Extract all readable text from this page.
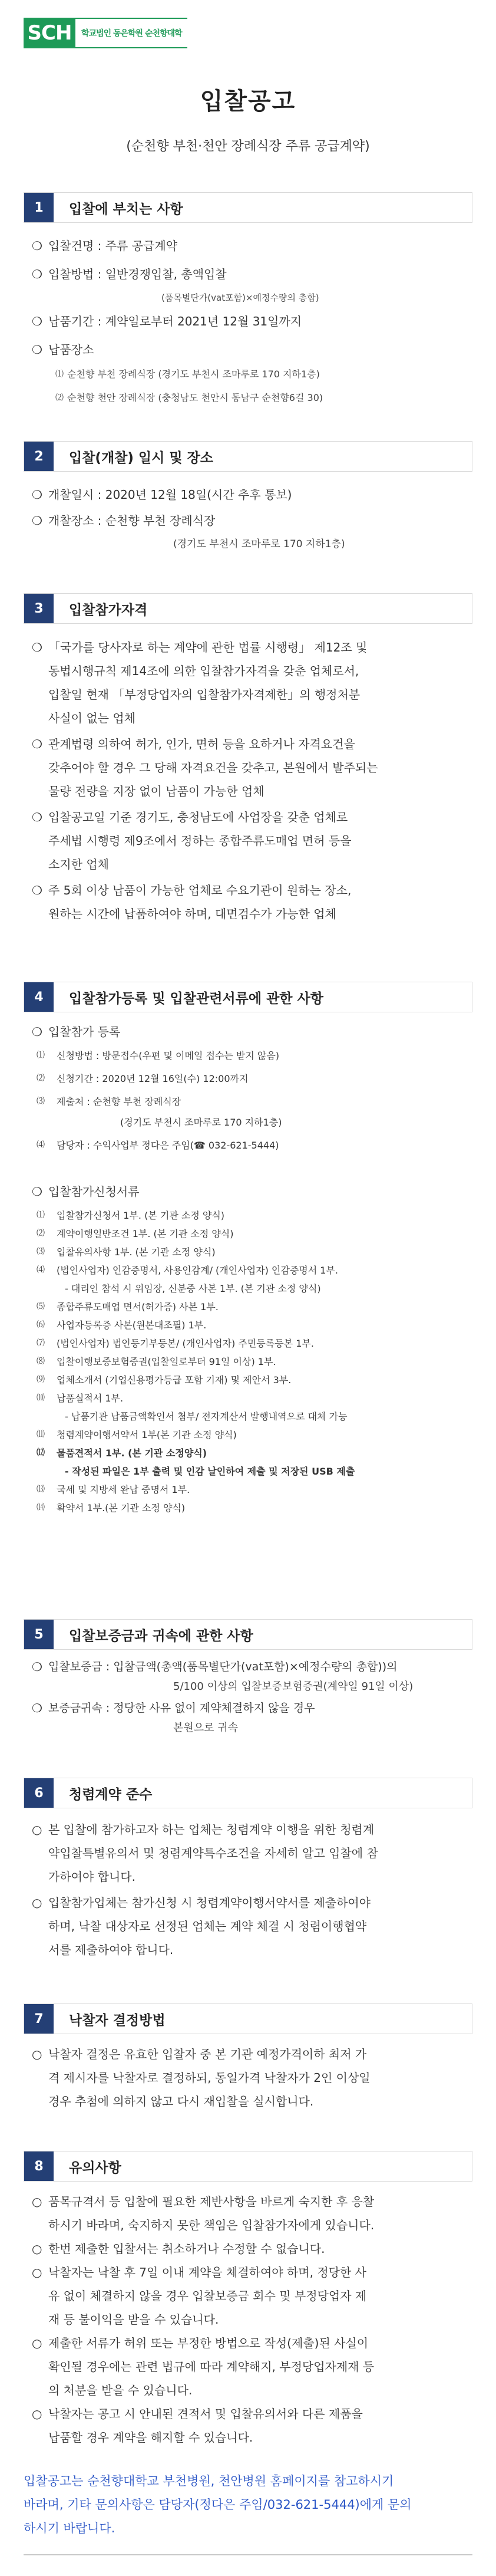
SCH	학교법인 동은학원 순천향대학
입찰공고
(순천향 부천·천안 장례식장 주류 공급계약)
1	입찰에 부치는 사항
❍ 입찰건명 : 주류 공급계약
❍ 입찰방법 : 일반경쟁입찰, 총액입찰
(품목별단가(vat포함)×예정수량의 총합)
❍ 납품기간 : 계약일로부터 2021년 12월 31일까지
❍ 납품장소
⑴ 순천향 부천 장례식장 (경기도 부천시 조마루로 170 지하1층)
⑵ 순천향 천안 장례식장 (충청남도 천안시 동남구 순천향6길 30)
2	입찰(개찰) 일시 및 장소
❍ 개찰일시 : 2020년 12월 18일(시간 추후 통보)
❍ 개찰장소 : 순천향 부천 장례식장
(경기도 부천시 조마루로 170 지하1층)
3	입찰참가자격
❍ 「국가를 당사자로 하는 계약에 관한 법률 시행령」 제12조 및
동법시행규칙 제14조에 의한 입찰참가자격을 갖춘 업체로서,
입찰일 현재 「부정당업자의 입찰참가자격제한」의 행정처분
사실이 없는 업체
❍ 관계법령 의하여 허가, 인가, 면허 등을 요하거나 자격요건을
갖추어야 할 경우 그 당해 자격요건을 갖추고, 본원에서 발주되는
물량 전량을 지장 없이 납품이 가능한 업체
❍ 입찰공고일 기준 경기도, 충청남도에 사업장을 갖춘 업체로
주세법 시행령 제9조에서 정하는 종합주류도매업 면허 등을
소지한 업체
❍ 주 5회 이상 납품이 가능한 업체로 수요기관이 원하는 장소,
원하는 시간에 납품하여야 하며, 대면검수가 가능한 업체
4	입찰참가등록 및 입찰관련서류에 관한 사항
❍ 입찰참가 등록
⑴ 신청방법 : 방문접수(우편 및 이메일 접수는 받지 않음)
⑵ 신청기간 : 2020년 12월 16일(수) 12:00까지
⑶ 제출처 : 순천향 부천 장례식장
(경기도 부천시 조마루로 170 지하1층)
⑷ 담당자 : 수익사업부 정다은 주임(☎ 032-621-5444)
❍ 입찰참가신청서류
⑴ 입찰참가신청서 1부. (본 기관 소정 양식)
⑵ 계약이행일반조건 1부. (본 기관 소정 양식)
⑶ 입찰유의사항 1부. (본 기관 소정 양식)
⑷ (법인사업자) 인감증명서, 사용인감계/ (개인사업자) 인감증명서 1부.
- 대리인 참석 시 위임장, 신분증 사본 1부. (본 기관 소정 양식)
⑸ 종합주류도매업 면서(허가증) 사본 1부.
⑹ 사업자등록증 사본(원본대조필) 1부.
⑺ (법인사업자) 법인등기부등본/ (개인사업자) 주민등록등본 1부.
⑻ 입찰이행보증보험증권(입찰일로부터 91일 이상) 1부.
⑼ 업체소개서 (기업신용평가등급 포함 기재) 및 제안서 3부.
⑽ 납품실적서 1부.
- 납품기관 납품금액확인서 첨부/ 전자계산서 발행내역으로 대체 가능
⑾ 청렴계약이행서약서 1부(본 기관 소정 양식)
⑿ 물품견적서 1부. (본 기관 소정양식)
- 작성된 파일은 1부 출력 및 인감 날인하여 제출 및 저장된 USB 제출
⒀ 국세 및 지방세 완납 증명서 1부.
⒁ 확약서 1부.(본 기관 소정 양식)
5	입찰보증금과 귀속에 관한 사항
❍ 입찰보증금 : 입찰금액(총액(품목별단가(vat포함)×예정수량의 총합))의
5/100 이상의 입찰보증보험증권(계약일 91일 이상)
❍ 보증금귀속 : 정당한 사유 없이 계약체결하지 않을 경우
본원으로 귀속
6	청렴계약 준수
○ 본 입찰에 참가하고자 하는 업체는 청렴계약 이행을 위한 청렴계
약입찰특별유의서 및 청렴계약특수조건을 자세히 알고 입찰에 참
가하여야 합니다.
○ 입찰참가업체는 참가신청 시 청렴계약이행서약서를 제출하여야
하며, 낙찰 대상자로 선정된 업체는 계약 체결 시 청렴이행협약
서를 제출하여야 합니다.
7	낙찰자 결정방법
○ 낙찰자 결정은 유효한 입찰자 중 본 기관 예정가격이하 최저 가
격 제시자를 낙찰자로 결정하되, 동일가격 낙찰자가 2인 이상일
경우 추첨에 의하지 않고 다시 재입찰을 실시합니다.
8	유의사항
○ 품목규격서 등 입찰에 필요한 제반사항을 바르게 숙지한 후 응찰
하시기 바라며, 숙지하지 못한 책임은 입찰참가자에게 있습니다.
○ 한번 제출한 입찰서는 취소하거나 수정할 수 없습니다.
○ 낙찰자는 낙찰 후 7일 이내 계약을 체결하여야 하며, 정당한 사
유 없이 체결하지 않을 경우 입찰보증금 회수 및 부정당업자 제
재 등 불이익을 받을 수 있습니다.
○ 제출한 서류가 허위 또는 부정한 방법으로 작성(제출)된 사실이
확인될 경우에는 관련 법규에 따라 계약해지, 부정당업자제재 등
의 처분을 받을 수 있습니다.
○ 낙찰자는 공고 시 안내된 견적서 및 입찰유의서와 다른 제품을
납품할 경우 계약을 해지할 수 있습니다.
입찰공고는 순천향대학교 부천병원, 천안병원 홈페이지를 참고하시기
바라며, 기타 문의사항은 담당자(정다은 주임/032-621-5444)에게 문의
하시기 바랍니다.
